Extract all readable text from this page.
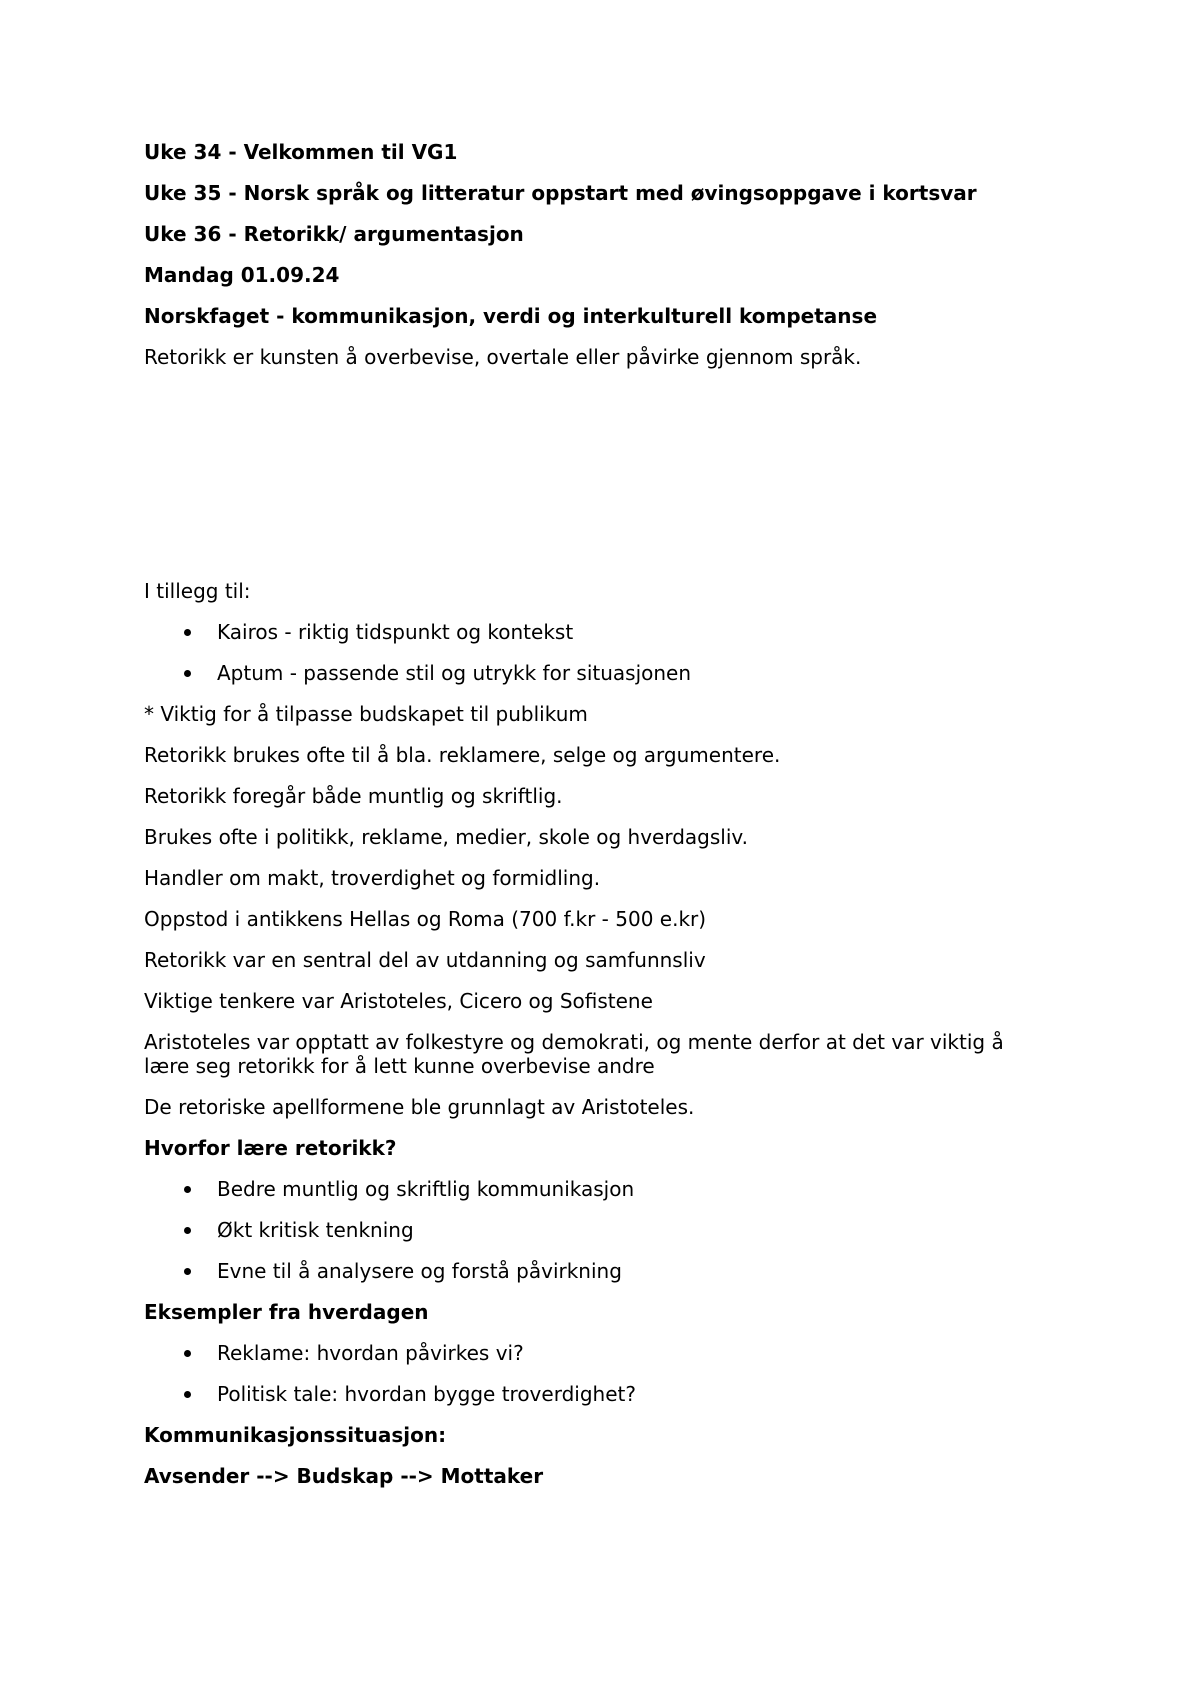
Uke 34 - Velkommen til VG1
Uke 35 - Norsk språk og litteratur oppstart med øvingsoppgave i kortsvar
Uke 36 - Retorikk/ argumentasjon
Mandag 01.09.24
Norskfaget - kommunikasjon, verdi og interkulturell kompetanse
Retorikk er kunsten å overbevise, overtale eller påvirke gjennom språk.
I tillegg til:
Kairos - riktig tidspunkt og kontekst
Aptum - passende stil og utrykk for situasjonen
* Viktig for å tilpasse budskapet til publikum
Retorikk brukes ofte til å bla. reklamere, selge og argumentere.
Retorikk foregår både muntlig og skriftlig.
Brukes ofte i politikk, reklame, medier, skole og hverdagsliv.
Handler om makt, troverdighet og formidling.
Oppstod i antikkens Hellas og Roma (700 f.kr - 500 e.kr)
Retorikk var en sentral del av utdanning og samfunnsliv
Viktige tenkere var Aristoteles, Cicero og Sofistene
Aristoteles var opptatt av folkestyre og demokrati, og mente derfor at det var viktig å lære seg retorikk for å lett kunne overbevise andre
De retoriske apellformene ble grunnlagt av Aristoteles.
Hvorfor lære retorikk?
Bedre muntlig og skriftlig kommunikasjon
Økt kritisk tenkning
Evne til å analysere og forstå påvirkning
Eksempler fra hverdagen
Reklame: hvordan påvirkes vi?
Politisk tale: hvordan bygge troverdighet?
Kommunikasjonssituasjon:
Avsender --> Budskap --> Mottaker
